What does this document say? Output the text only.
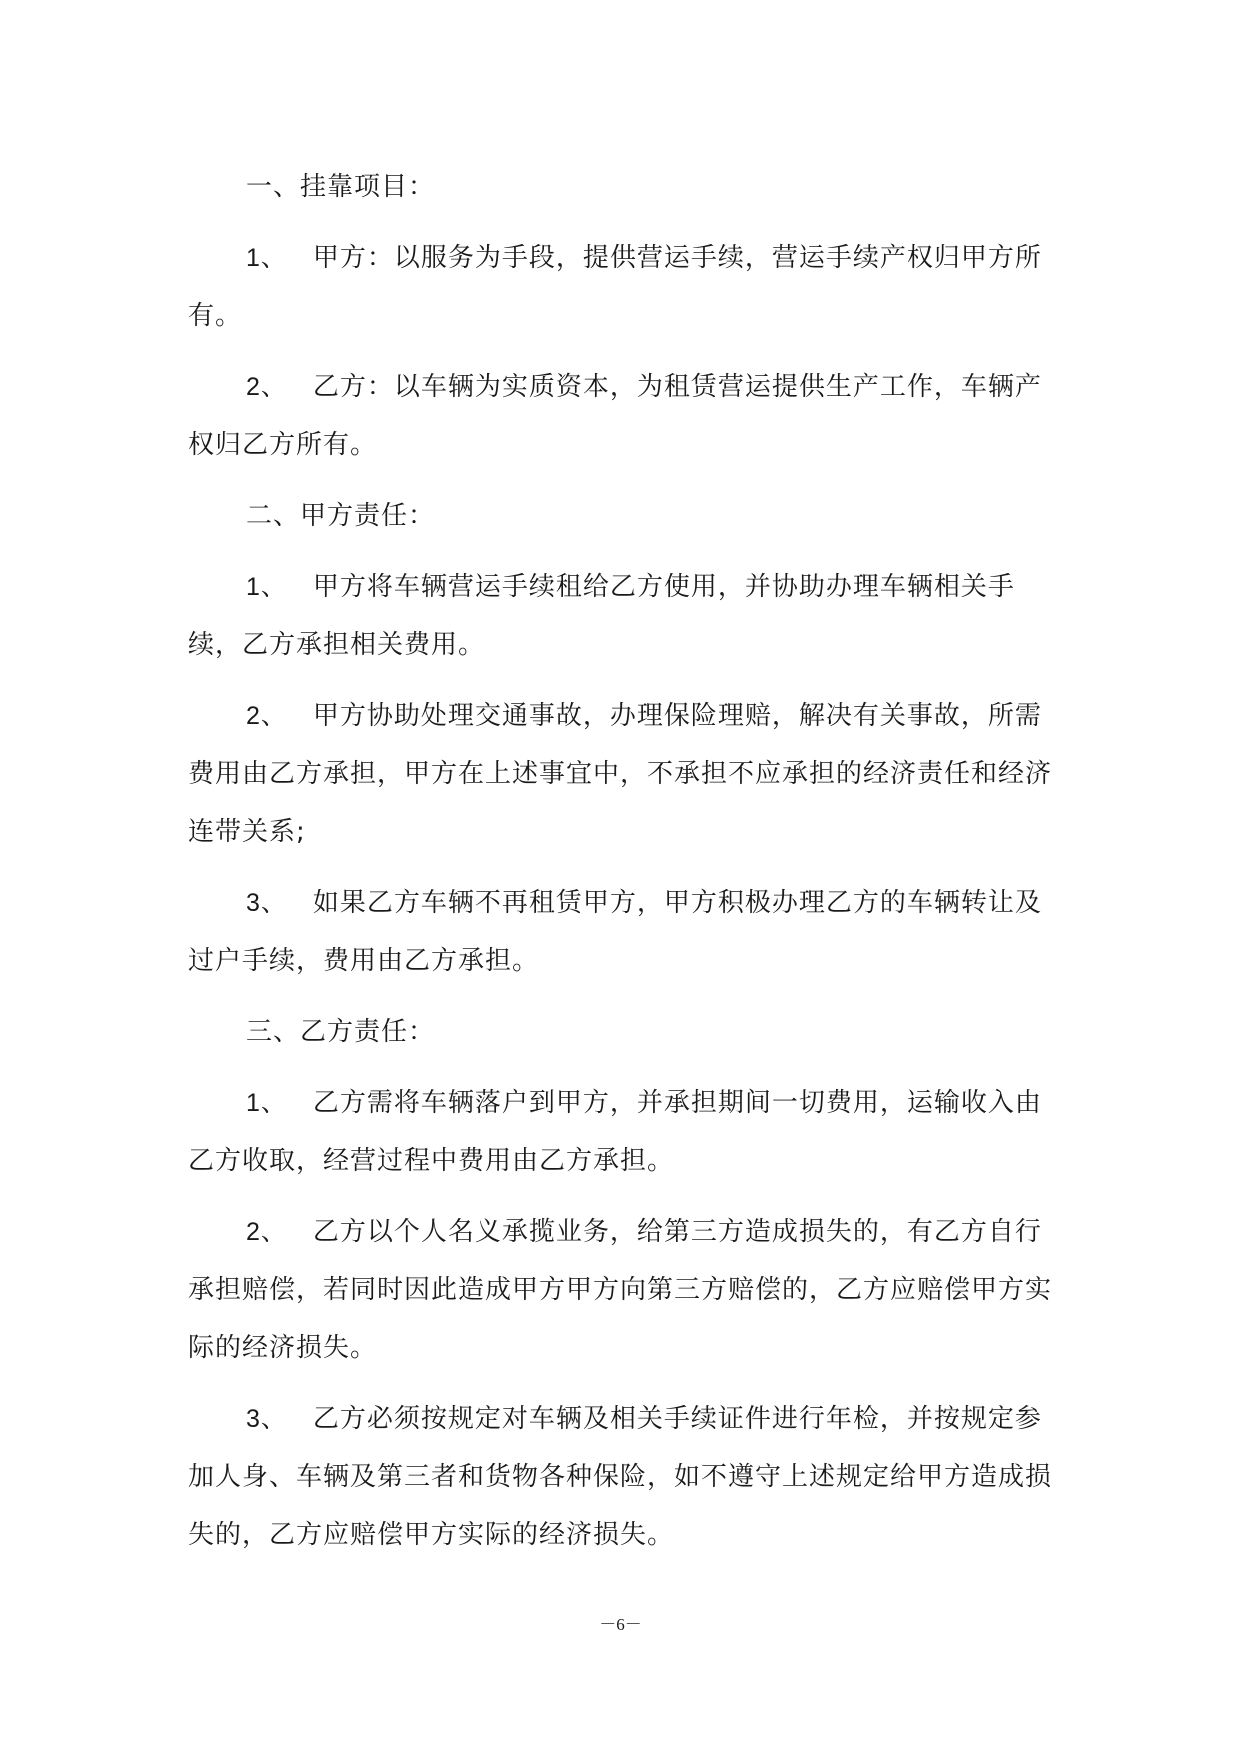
一、挂靠项目：

1、 甲方：以服务为手段，提供营运手续，营运手续产权归甲方所有。

2、 乙方：以车辆为实质资本，为租赁营运提供生产工作，车辆产权归乙方所有。

二、甲方责任：

1、 甲方将车辆营运手续租给乙方使用，并协助办理车辆相关手续，乙方承担相关费用。

2、 甲方协助处理交通事故，办理保险理赔，解决有关事故，所需费用由乙方承担，甲方在上述事宜中，不承担不应承担的经济责任和经济连带关系;

3、 如果乙方车辆不再租赁甲方，甲方积极办理乙方的车辆转让及过户手续，费用由乙方承担。

三、乙方责任：

1、 乙方需将车辆落户到甲方，并承担期间一切费用，运输收入由乙方收取，经营过程中费用由乙方承担。

2、 乙方以个人名义承揽业务，给第三方造成损失的，有乙方自行承担赔偿，若同时因此造成甲方甲方向第三方赔偿的，乙方应赔偿甲方实际的经济损失。

3、 乙方必须按规定对车辆及相关手续证件进行年检，并按规定参加人身、车辆及第三者和货物各种保险，如不遵守上述规定给甲方造成损失的，乙方应赔偿甲方实际的经济损失。

－6－
